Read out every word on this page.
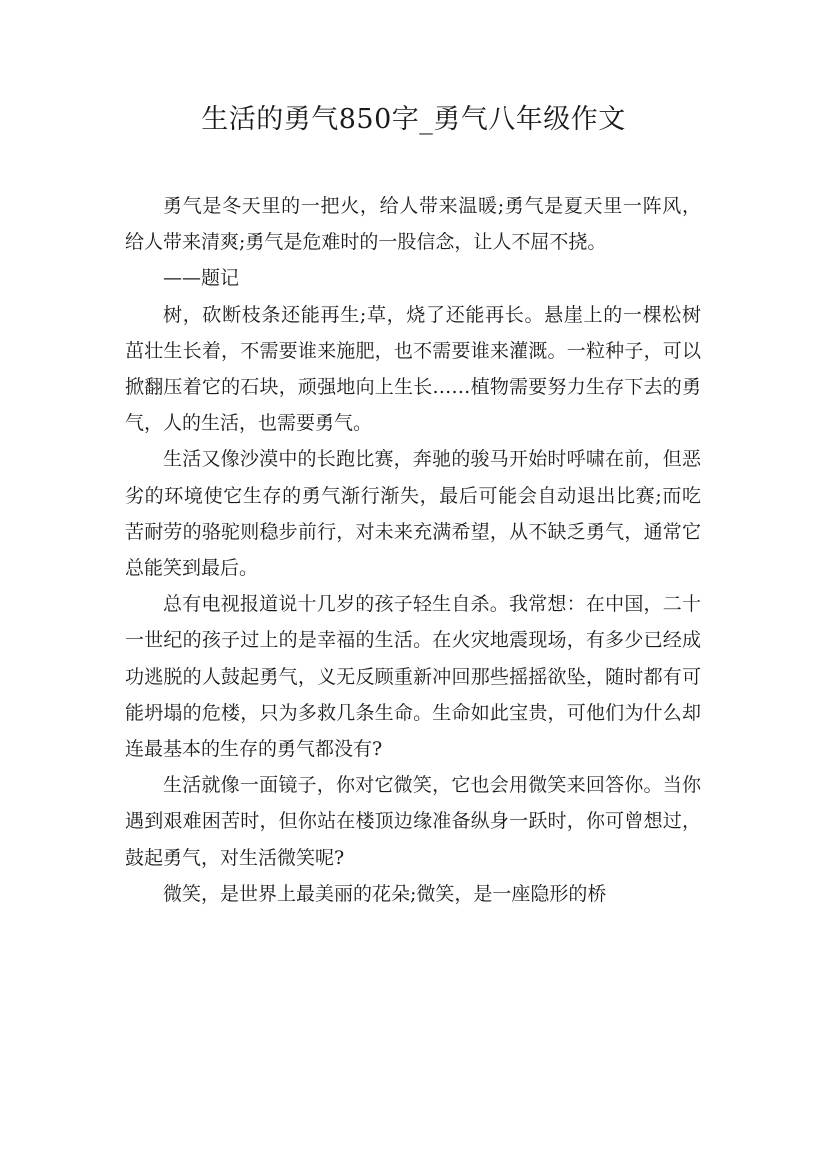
生活的勇气850字_勇气八年级作文

勇气是冬天里的一把火，给人带来温暖;勇气是夏天里一阵风，给人带来清爽;勇气是危难时的一股信念，让人不屈不挠。

——题记

树，砍断枝条还能再生;草，烧了还能再长。悬崖上的一棵松树茁壮生长着，不需要谁来施肥，也不需要谁来灌溉。一粒种子，可以掀翻压着它的石块，顽强地向上生长……植物需要努力生存下去的勇气，人的生活，也需要勇气。

生活又像沙漠中的长跑比赛，奔驰的骏马开始时呼啸在前，但恶劣的环境使它生存的勇气渐行渐失，最后可能会自动退出比赛;而吃苦耐劳的骆驼则稳步前行，对未来充满希望，从不缺乏勇气，通常它总能笑到最后。

总有电视报道说十几岁的孩子轻生自杀。我常想：在中国，二十一世纪的孩子过上的是幸福的生活。在火灾地震现场，有多少已经成功逃脱的人鼓起勇气，义无反顾重新冲回那些摇摇欲坠，随时都有可能坍塌的危楼，只为多救几条生命。生命如此宝贵，可他们为什么却连最基本的生存的勇气都没有?

生活就像一面镜子，你对它微笑，它也会用微笑来回答你。当你遇到艰难困苦时，但你站在楼顶边缘准备纵身一跃时，你可曾想过，鼓起勇气，对生活微笑呢?

微笑，是世界上最美丽的花朵;微笑，是一座隐形的桥
